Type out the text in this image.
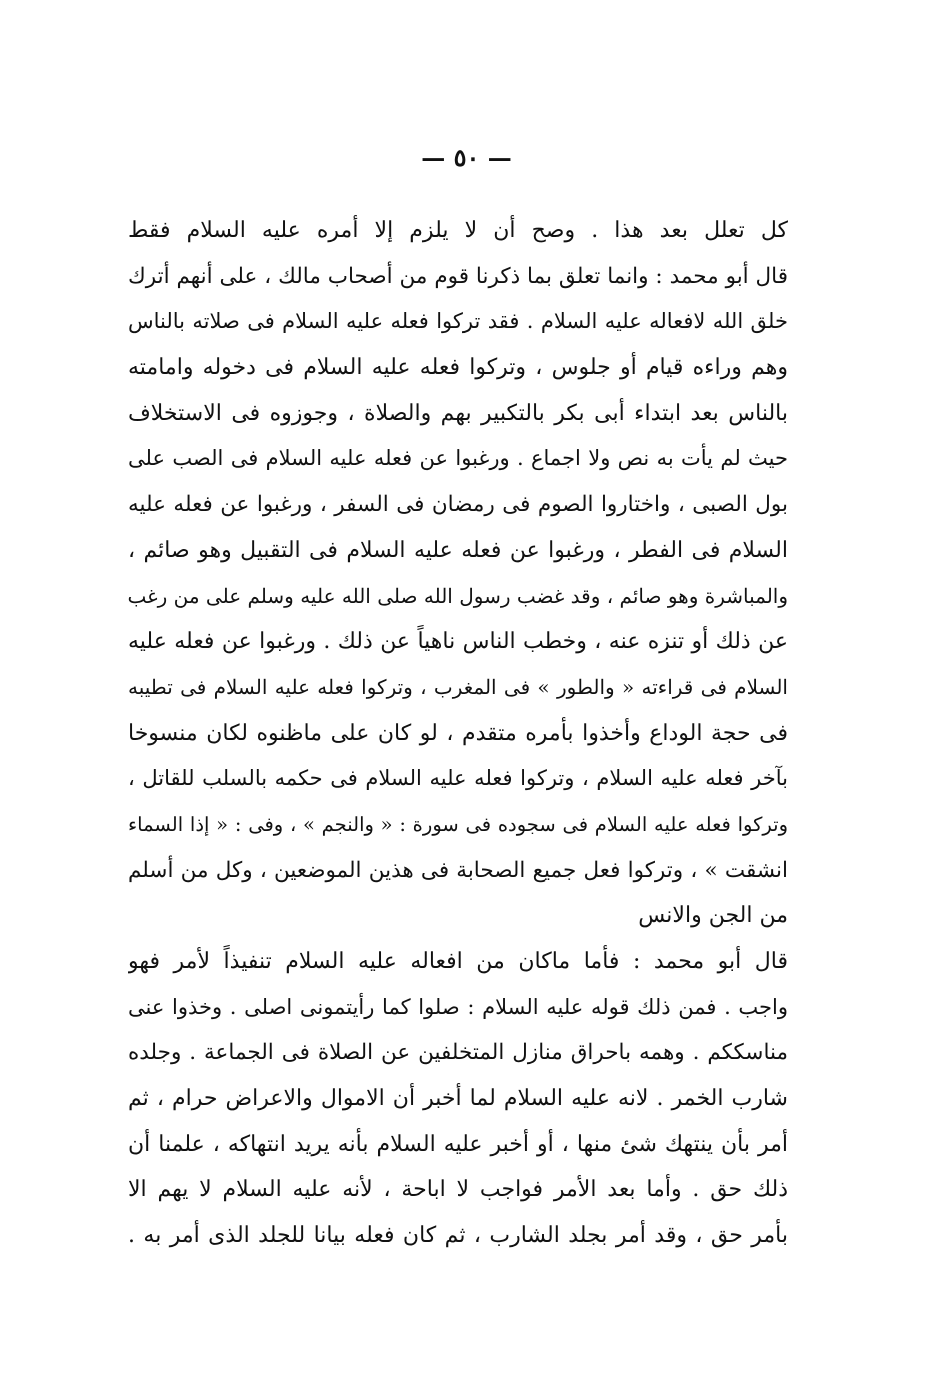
— ٥٠ —
كل تعلل بعد هذا . وصح أن لا يلزم إلا أمره عليه السلام فقط
قال أبو محمد : وانما تعلق بما ذكرنا قوم من أصحاب مالك ، على أنهم أترك
خلق الله لافعاله عليه السلام . فقد تركوا فعله عليه السلام فى صلاته بالناس
وهم وراءه قيام أو جلوس ، وتركوا فعله عليه السلام فى دخوله وامامته
بالناس بعد ابتداء أبى بكر بالتكبير بهم والصلاة ، وجوزوه فى الاستخلاف
حيث لم يأت به نص ولا اجماع . ورغبوا عن فعله عليه السلام فى الصب على
بول الصبى ، واختاروا الصوم فى رمضان فى السفر ، ورغبوا عن فعله عليه
السلام فى الفطر ، ورغبوا عن فعله عليه السلام فى التقبيل وهو صائم ،
والمباشرة وهو صائم ، وقد غضب رسول الله صلى الله عليه وسلم على من رغب
عن ذلك أو تنزه عنه ، وخطب الناس ناهياً عن ذلك . ورغبوا عن فعله عليه
السلام فى قراءته « والطور » فى المغرب ، وتركوا فعله عليه السلام فى تطيبه
فى حجة الوداع وأخذوا بأمره متقدم ، لو كان على ماظنوه لكان منسوخا
بآخر فعله عليه السلام ، وتركوا فعله عليه السلام فى حكمه بالسلب للقاتل ،
وتركوا فعله عليه السلام فى سجوده فى سورة : « والنجم » ، وفى : « إذا السماء
انشقت » ، وتركوا فعل جميع الصحابة فى هذين الموضعين ، وكل من أسلم
من الجن والانس
قال أبو محمد : فأما ماكان من افعاله عليه السلام تنفيذاً لأمر فهو
واجب . فمن ذلك قوله عليه السلام : صلوا كما رأيتمونى اصلى . وخذوا عنى
مناسككم . وهمه باحراق منازل المتخلفين عن الصلاة فى الجماعة . وجلده
شارب الخمر . لانه عليه السلام لما أخبر أن الاموال والاعراض حرام ، ثم
أمر بأن ينتهك شئ منها ، أو أخبر عليه السلام بأنه يريد انتهاكه ، علمنا أن
ذلك حق . وأما بعد الأمر فواجب لا اباحة ، لأنه عليه السلام لا يهم الا
بأمر حق ، وقد أمر بجلد الشارب ، ثم كان فعله بيانا للجلد الذى أمر به .
